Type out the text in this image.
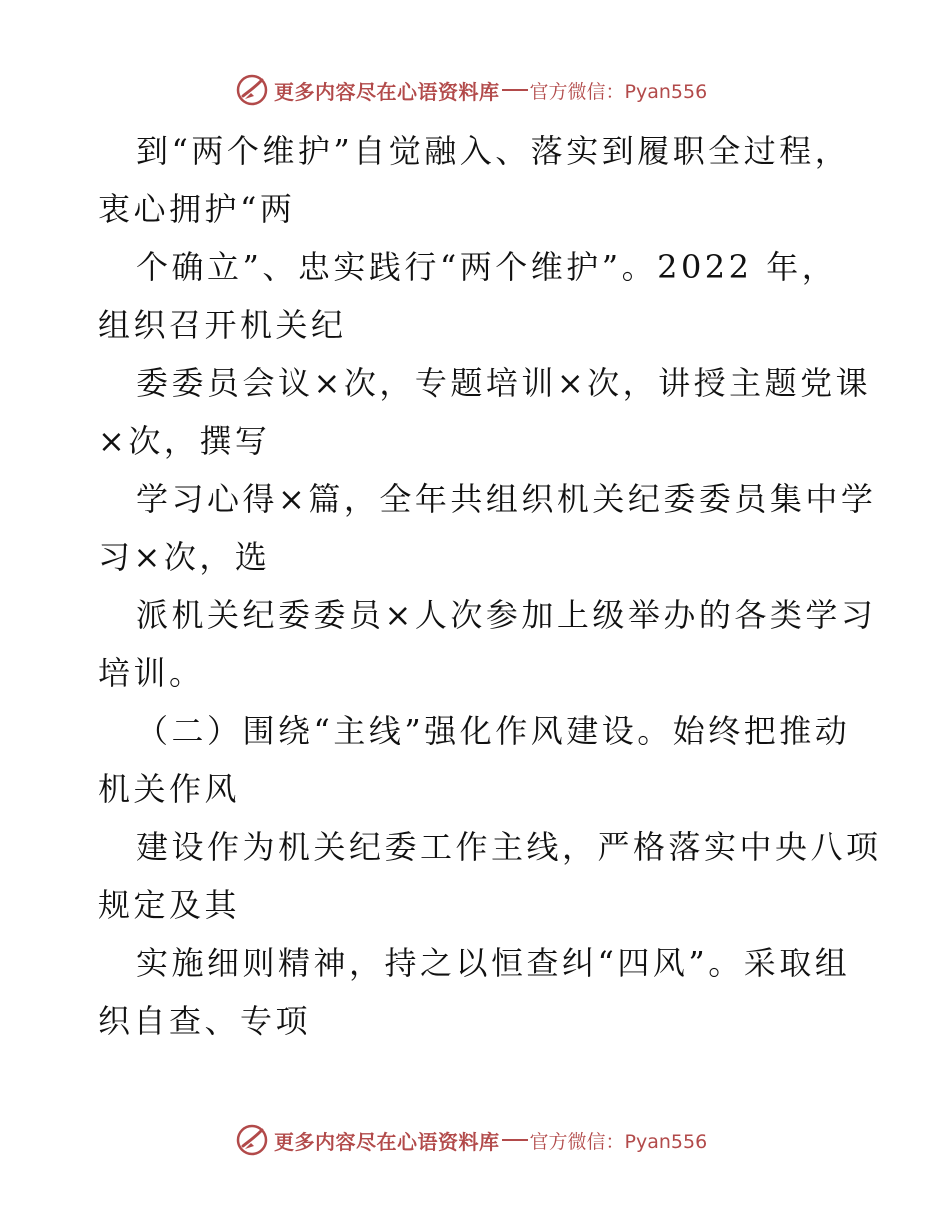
更多内容尽在心语资料库 官方微信：Pyan556
到“两个维护”自觉融入、落实到履职全过程，
衷心拥护“两
个确立”、忠实践行“两个维护”。2022 年，
组织召开机关纪
委委员会议×次，专题培训×次，讲授主题党课
×次，撰写
学习心得×篇，全年共组织机关纪委委员集中学
习×次，选
派机关纪委委员×人次参加上级举办的各类学习
培训。
（二）围绕“主线”强化作风建设。始终把推动
机关作风
建设作为机关纪委工作主线，严格落实中央八项
规定及其
实施细则精神，持之以恒查纠“四风”。采取组
织自查、专项
更多内容尽在心语资料库 官方微信：Pyan556
